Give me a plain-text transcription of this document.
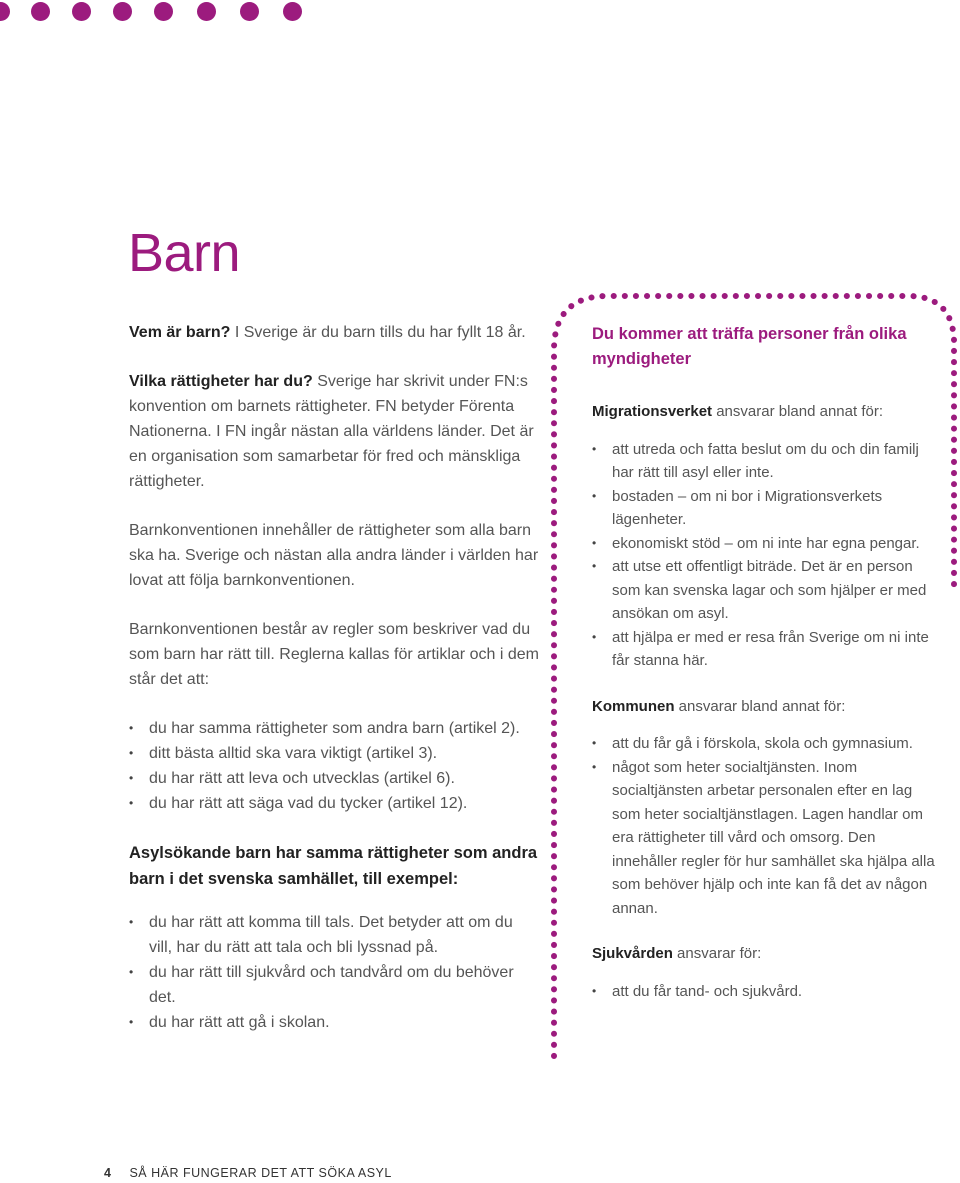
Barn

Vem är barn? I Sverige är du barn tills du har fyllt 18 år.

Vilka rättigheter har du? Sverige har skrivit under FN:s konvention om barnets rättigheter. FN betyder Förenta Nationerna. I FN ingår nästan alla världens länder. Det är en organisation som samarbetar för fred och mänskliga rättigheter.

Barnkonventionen innehåller de rättigheter som alla barn ska ha. Sverige och nästan alla andra länder i världen har lovat att följa barnkonventionen.

Barnkonventionen består av regler som beskriver vad du som barn har rätt till. Reglerna kallas för artiklar och i dem står det att:

• du har samma rättigheter som andra barn (artikel 2).
• ditt bästa alltid ska vara viktigt (artikel 3).
• du har rätt att leva och utvecklas (artikel 6).
• du har rätt att säga vad du tycker (artikel 12).
Asylsökande barn har samma rättigheter som andra barn i det svenska samhället, till exempel:
• du har rätt att komma till tals. Det betyder att om du vill, har du rätt att tala och bli lyssnad på.
• du har rätt till sjukvård och tandvård om du behöver det.
• du har rätt att gå i skolan.
Du kommer att träffa personer från olika myndigheter

Migrationsverket ansvarar bland annat för:

• att utreda och fatta beslut om du och din familj har rätt till asyl eller inte.
• bostaden – om ni bor i Migrationsverkets lägenheter.
• ekonomiskt stöd – om ni inte har egna pengar.
• att utse ett offentligt biträde. Det är en person som kan svenska lagar och som hjälper er med ansökan om asyl.
• att hjälpa er med er resa från Sverige om ni inte får stanna här.

Kommunen ansvarar bland annat för:

• att du får gå i förskola, skola och gymnasium.
• något som heter socialtjänsten. Inom socialtjänsten arbetar personalen efter en lag som heter socialtjänstlagen. Lagen handlar om era rättigheter till vård och omsorg. Den innehåller regler för hur samhället ska hjälpa alla som behöver hjälp och inte kan få det av någon annan.

Sjukvården ansvarar för:

• att du får tand- och sjukvård.
4 SÅ HÄR FUNGERAR DET ATT SÖKA ASYL
